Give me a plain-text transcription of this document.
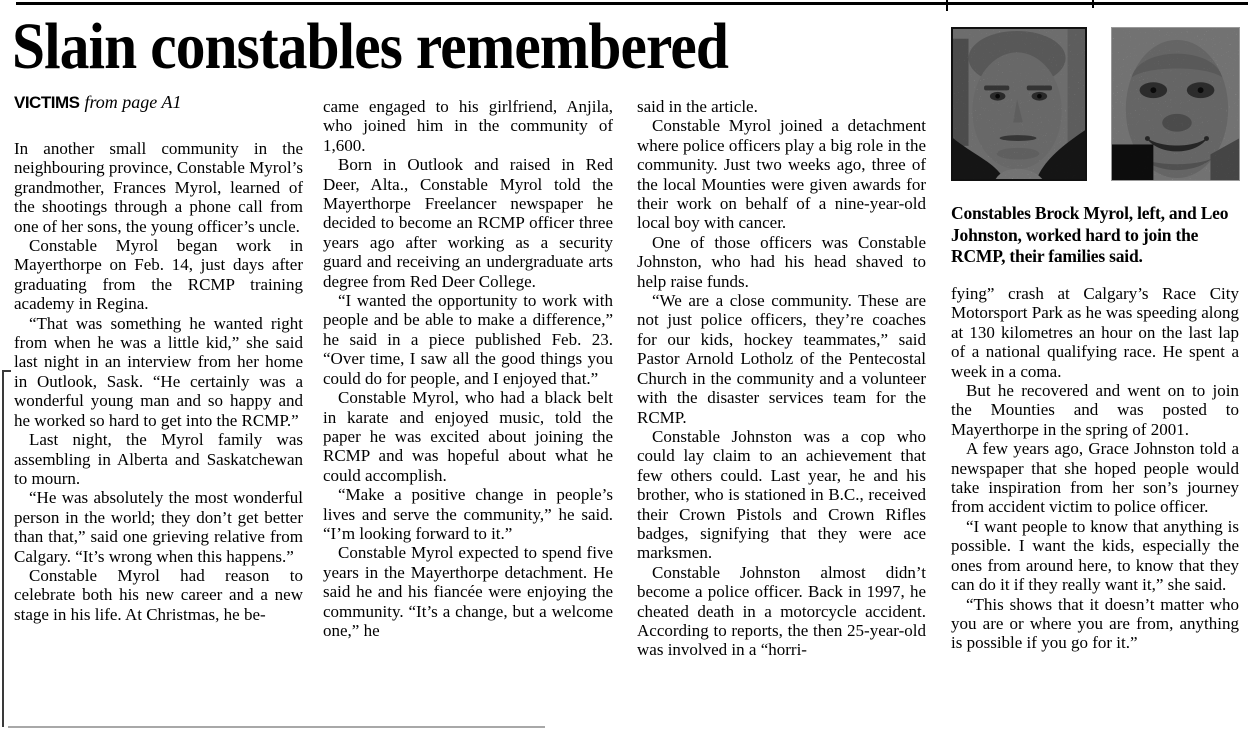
Slain constables remembered
VICTIMS from page A1

In another small community in the neighbouring province, Constable Myrol’s grandmother, Frances Myrol, learned of the shootings through a phone call from one of her sons, the young officer’s uncle.

Constable Myrol began work in Mayerthorpe on Feb. 14, just days after graduating from the RCMP training academy in Regina.

“That was something he wanted right from when he was a little kid,” she said last night in an interview from her home in Outlook, Sask. “He certainly was a wonderful young man and so happy and he worked so hard to get into the RCMP.”

Last night, the Myrol family was assembling in Alberta and Saskatchewan to mourn.

“He was absolutely the most wonderful person in the world; they don’t get better than that,” said one grieving relative from Calgary. “It’s wrong when this happens.”

Constable Myrol had reason to celebrate both his new career and a new stage in his life. At Christmas, he be-

came engaged to his girlfriend, Anjila, who joined him in the community of 1,600.

Born in Outlook and raised in Red Deer, Alta., Constable Myrol told the Mayerthorpe Freelancer newspaper he decided to become an RCMP officer three years ago after working as a security guard and receiving an undergraduate arts degree from Red Deer College.

“I wanted the opportunity to work with people and be able to make a difference,” he said in a piece published Feb. 23. “Over time, I saw all the good things you could do for people, and I enjoyed that.”

Constable Myrol, who had a black belt in karate and enjoyed music, told the paper he was excited about joining the RCMP and was hopeful about what he could accomplish.

“Make a positive change in people’s lives and serve the community,” he said. “I’m looking forward to it.”

Constable Myrol expected to spend five years in the Mayerthorpe detachment. He said he and his fiancée were enjoying the community. “It’s a change, but a welcome one,” he

said in the article.

Constable Myrol joined a detachment where police officers play a big role in the community. Just two weeks ago, three of the local Mounties were given awards for their work on behalf of a nine-year-old local boy with cancer.

One of those officers was Constable Johnston, who had his head shaved to help raise funds.

“We are a close community. These are not just police officers, they’re coaches for our kids, hockey teammates,” said Pastor Arnold Lotholz of the Pentecostal Church in the community and a volunteer with the disaster services team for the RCMP.

Constable Johnston was a cop who could lay claim to an achievement that few others could. Last year, he and his brother, who is stationed in B.C., received their Crown Pistols and Crown Rifles badges, signifying that they were ace marksmen.

Constable Johnston almost didn’t become a police officer. Back in 1997, he cheated death in a motorcycle accident. According to reports, the then 25-year-old was involved in a “horri-

Constables Brock Myrol, left, and Leo Johnston, worked hard to join the RCMP, their families said.

fying” crash at Calgary’s Race City Motorsport Park as he was speeding along at 130 kilometres an hour on the last lap of a national qualifying race. He spent a week in a coma.

But he recovered and went on to join the Mounties and was posted to Mayerthorpe in the spring of 2001.

A few years ago, Grace Johnston told a newspaper that she hoped people would take inspiration from her son’s journey from accident victim to police officer.

“I want people to know that anything is possible. I want the kids, especially the ones from around here, to know that they can do it if they really want it,” she said.

“This shows that it doesn’t matter who you are or where you are from, anything is possible if you go for it.”
